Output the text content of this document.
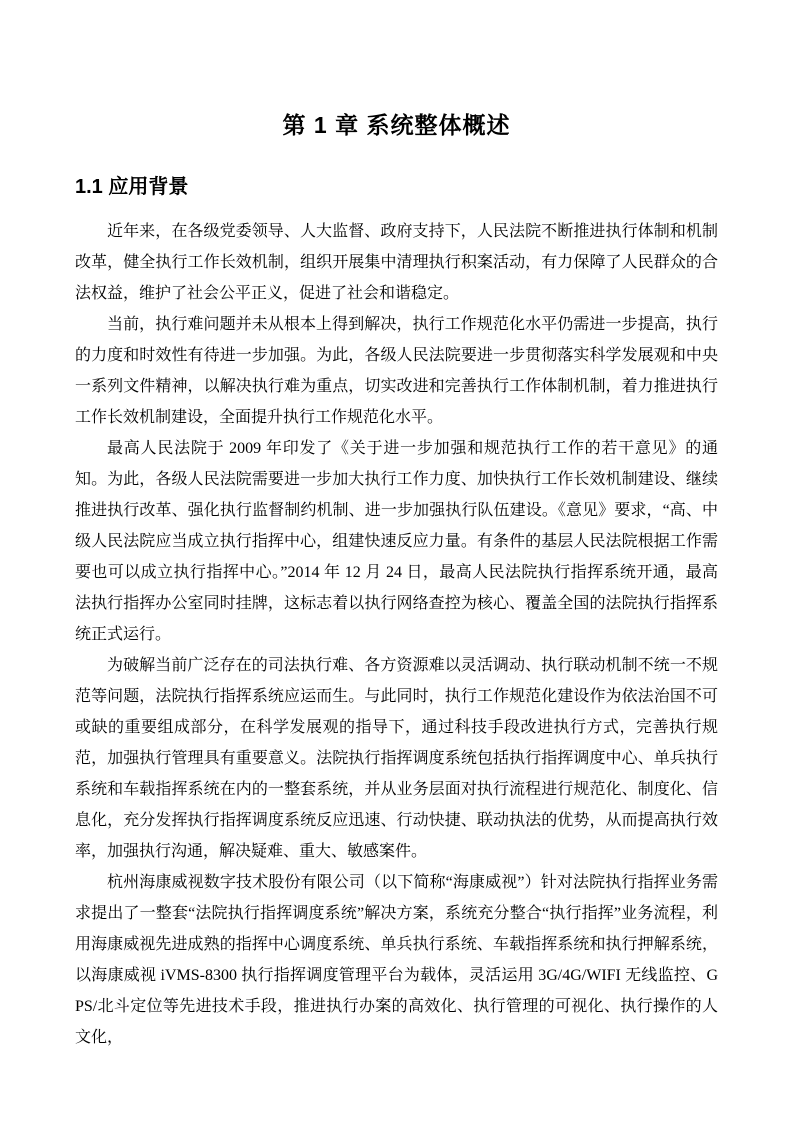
第 1 章 系统整体概述
1.1 应用背景

近年来，在各级党委领导、人大监督、政府支持下，人民法院不断推进执行体制和机制改革，健全执行工作长效机制，组织开展集中清理执行积案活动，有力保障了人民群众的合法权益，维护了社会公平正义，促进了社会和谐稳定。

当前，执行难问题并未从根本上得到解决，执行工作规范化水平仍需进一步提高，执行的力度和时效性有待进一步加强。为此，各级人民法院要进一步贯彻落实科学发展观和中央一系列文件精神，以解决执行难为重点，切实改进和完善执行工作体制机制，着力推进执行工作长效机制建设，全面提升执行工作规范化水平。

最高人民法院于 2009 年印发了《关于进一步加强和规范执行工作的若干意见》的通知。为此，各级人民法院需要进一步加大执行工作力度、加快执行工作长效机制建设、继续推进执行改革、强化执行监督制约机制、进一步加强执行队伍建设。《意见》要求，“高、中级人民法院应当成立执行指挥中心，组建快速反应力量。有条件的基层人民法院根据工作需要也可以成立执行指挥中心。”2014 年 12 月 24 日，最高人民法院执行指挥系统开通，最高法执行指挥办公室同时挂牌，这标志着以执行网络查控为核心、覆盖全国的法院执行指挥系统正式运行。

为破解当前广泛存在的司法执行难、各方资源难以灵活调动、执行联动机制不统一不规范等问题，法院执行指挥系统应运而生。与此同时，执行工作规范化建设作为依法治国不可或缺的重要组成部分，在科学发展观的指导下，通过科技手段改进执行方式，完善执行规范，加强执行管理具有重要意义。法院执行指挥调度系统包括执行指挥调度中心、单兵执行系统和车载指挥系统在内的一整套系统，并从业务层面对执行流程进行规范化、制度化、信息化，充分发挥执行指挥调度系统反应迅速、行动快捷、联动执法的优势，从而提高执行效率，加强执行沟通，解决疑难、重大、敏感案件。

杭州海康威视数字技术股份有限公司（以下简称“海康威视”）针对法院执行指挥业务需求提出了一整套“法院执行指挥调度系统”解决方案，系统充分整合“执行指挥”业务流程，利用海康威视先进成熟的指挥中心调度系统、单兵执行系统、车载指挥系统和执行押解系统，以海康威视 iVMS-8300 执行指挥调度管理平台为载体，灵活运用 3G/4G/WIFI 无线监控、GPS/北斗定位等先进技术手段，推进执行办案的高效化、执行管理的可视化、执行操作的人文化，
